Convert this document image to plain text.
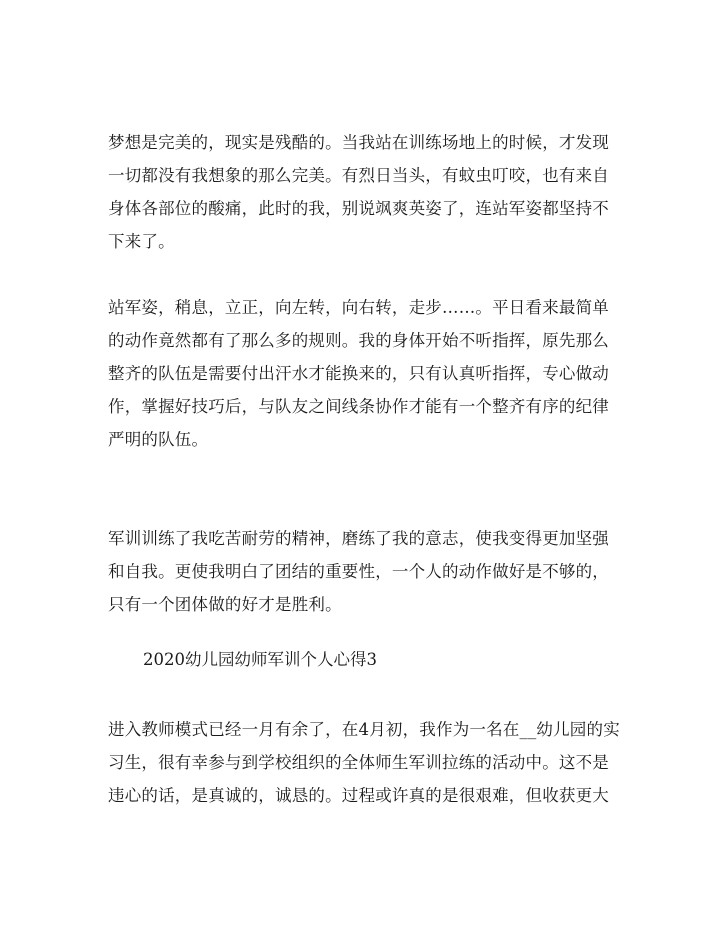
梦想是完美的，现实是残酷的。当我站在训练场地上的时候，才发现
一切都没有我想象的那么完美。有烈日当头，有蚊虫叮咬，也有来自
身体各部位的酸痛，此时的我，别说飒爽英姿了，连站军姿都坚持不
下来了。
站军姿，稍息，立正，向左转，向右转，走步……。平日看来最简单
的动作竟然都有了那么多的规则。我的身体开始不听指挥，原先那么
整齐的队伍是需要付出汗水才能换来的，只有认真听指挥，专心做动
作，掌握好技巧后，与队友之间线条协作才能有一个整齐有序的纪律
严明的队伍。
军训训练了我吃苦耐劳的精神，磨练了我的意志，使我变得更加坚强
和自我。更使我明白了团结的重要性，一个人的动作做好是不够的，
只有一个团体做的好才是胜利。
2020幼儿园幼师军训个人心得3
进入教师模式已经一月有余了，在4月初，我作为一名在__幼儿园的实
习生，很有幸参与到学校组织的全体师生军训拉练的活动中。这不是
违心的话，是真诚的，诚恳的。过程或许真的是很艰难，但收获更大
